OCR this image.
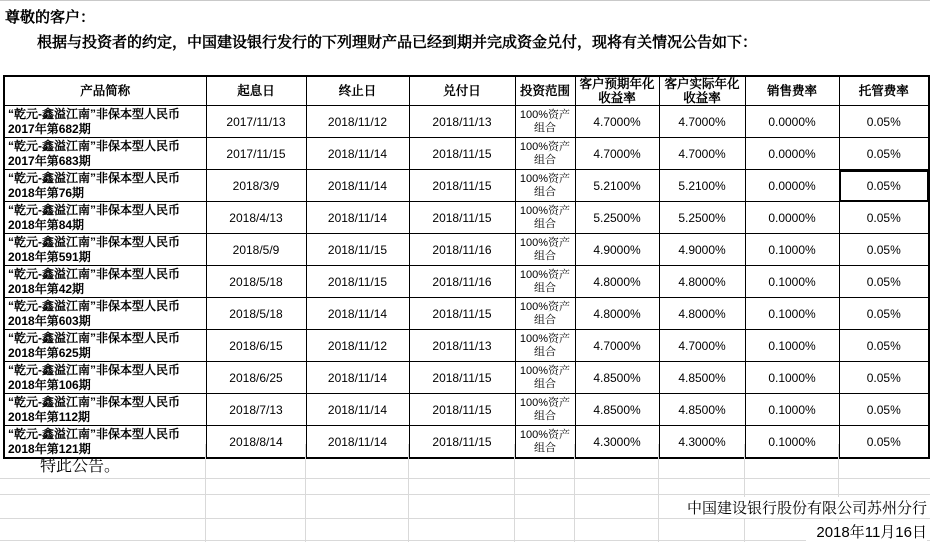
尊敬的客户：
根据与投资者的约定，中国建设银行发行的下列理财产品已经到期并完成资金兑付，现将有关情况公告如下：
产品简称	起息日	终止日	兑付日	投资范围	客户预期年化收益率	客户实际年化收益率	销售费率	托管费率
“乾元-鑫溢江南”非保本型人民币
2017年第682期	2017/11/13	2018/11/12	2018/11/13	100%资产组合	4.7000%	4.7000%	0.0000%	0.05%
“乾元-鑫溢江南”非保本型人民币
2017年第683期	2017/11/15	2018/11/14	2018/11/15	100%资产组合	4.7000%	4.7000%	0.0000%	0.05%
“乾元-鑫溢江南”非保本型人民币
2018年第76期	2018/3/9	2018/11/14	2018/11/15	100%资产组合	5.2100%	5.2100%	0.0000%	0.05%
“乾元-鑫溢江南”非保本型人民币
2018年第84期	2018/4/13	2018/11/14	2018/11/15	100%资产组合	5.2500%	5.2500%	0.0000%	0.05%
“乾元-鑫溢江南”非保本型人民币
2018年第591期	2018/5/9	2018/11/15	2018/11/16	100%资产组合	4.9000%	4.9000%	0.1000%	0.05%
“乾元-鑫溢江南”非保本型人民币
2018年第42期	2018/5/18	2018/11/15	2018/11/16	100%资产组合	4.8000%	4.8000%	0.1000%	0.05%
“乾元-鑫溢江南”非保本型人民币
2018年第603期	2018/5/18	2018/11/14	2018/11/15	100%资产组合	4.8000%	4.8000%	0.1000%	0.05%
“乾元-鑫溢江南”非保本型人民币
2018年第625期	2018/6/15	2018/11/12	2018/11/13	100%资产组合	4.7000%	4.7000%	0.1000%	0.05%
“乾元-鑫溢江南”非保本型人民币
2018年第106期	2018/6/25	2018/11/14	2018/11/15	100%资产组合	4.8500%	4.8500%	0.1000%	0.05%
“乾元-鑫溢江南”非保本型人民币
2018年第112期	2018/7/13	2018/11/14	2018/11/15	100%资产组合	4.8500%	4.8500%	0.1000%	0.05%
“乾元-鑫溢江南”非保本型人民币
2018年第121期	2018/8/14	2018/11/14	2018/11/15	100%资产组合	4.3000%	4.3000%	0.1000%	0.05%
特此公告。
中国建设银行股份有限公司苏州分行
2018年11月16日
